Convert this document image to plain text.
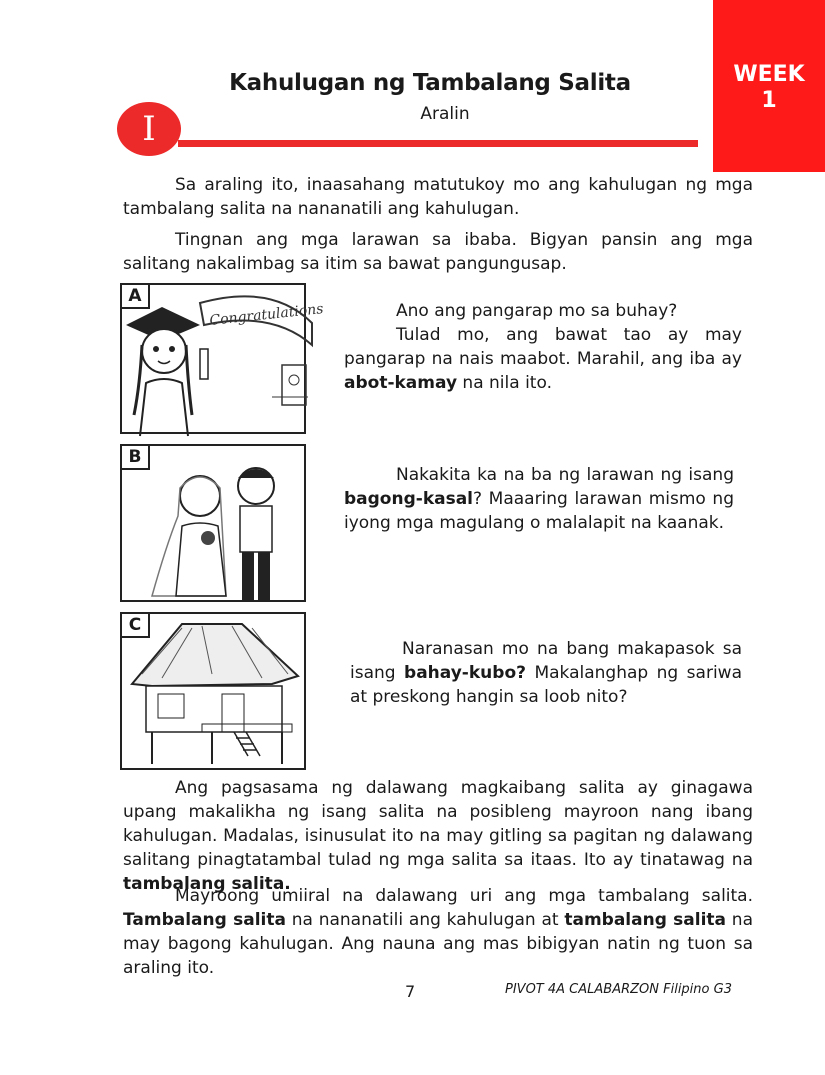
WEEK
1
Kahulugan ng Tambalang Salita
Aralin
I

Sa araling ito, inaasahang matutukoy mo ang kahulugan ng mga tambalang salita na nananatili ang kahulugan.

Tingnan ang mga larawan sa ibaba. Bigyan pansin ang mga salitang nakalimbag sa itim sa bawat pangungusap.

Congratulations
A

Ano ang pangarap mo sa buhay?

Tulad mo, ang bawat tao ay may pangarap na nais maabot. Marahil, ang iba ay abot-kamay na nila ito.

B

Nakakita ka na ba ng larawan ng isang bagong-kasal? Maaaring larawan mismo ng iyong mga magulang o malalapit na kaanak.

C

Naranasan mo na bang makapasok sa isang bahay-kubo? Makalanghap ng sariwa at preskong hangin sa loob nito?

Ang pagsasama ng dalawang magkaibang salita ay ginagawa upang makalikha ng isang salita na posibleng mayroon nang ibang kahulugan. Madalas, isinusulat ito na may gitling sa pagitan ng dalawang salitang pinagtatambal tulad ng mga salita sa itaas. Ito ay tinatawag na tambalang salita.

Mayroong umiiral na dalawang uri ang mga tambalang salita. Tambalang salita na nananatili ang kahulugan at tambalang salita na may bagong kahulugan. Ang nauna ang mas bibigyan natin ng tuon sa araling ito.

7	PIVOT 4A CALABARZON Filipino G3
